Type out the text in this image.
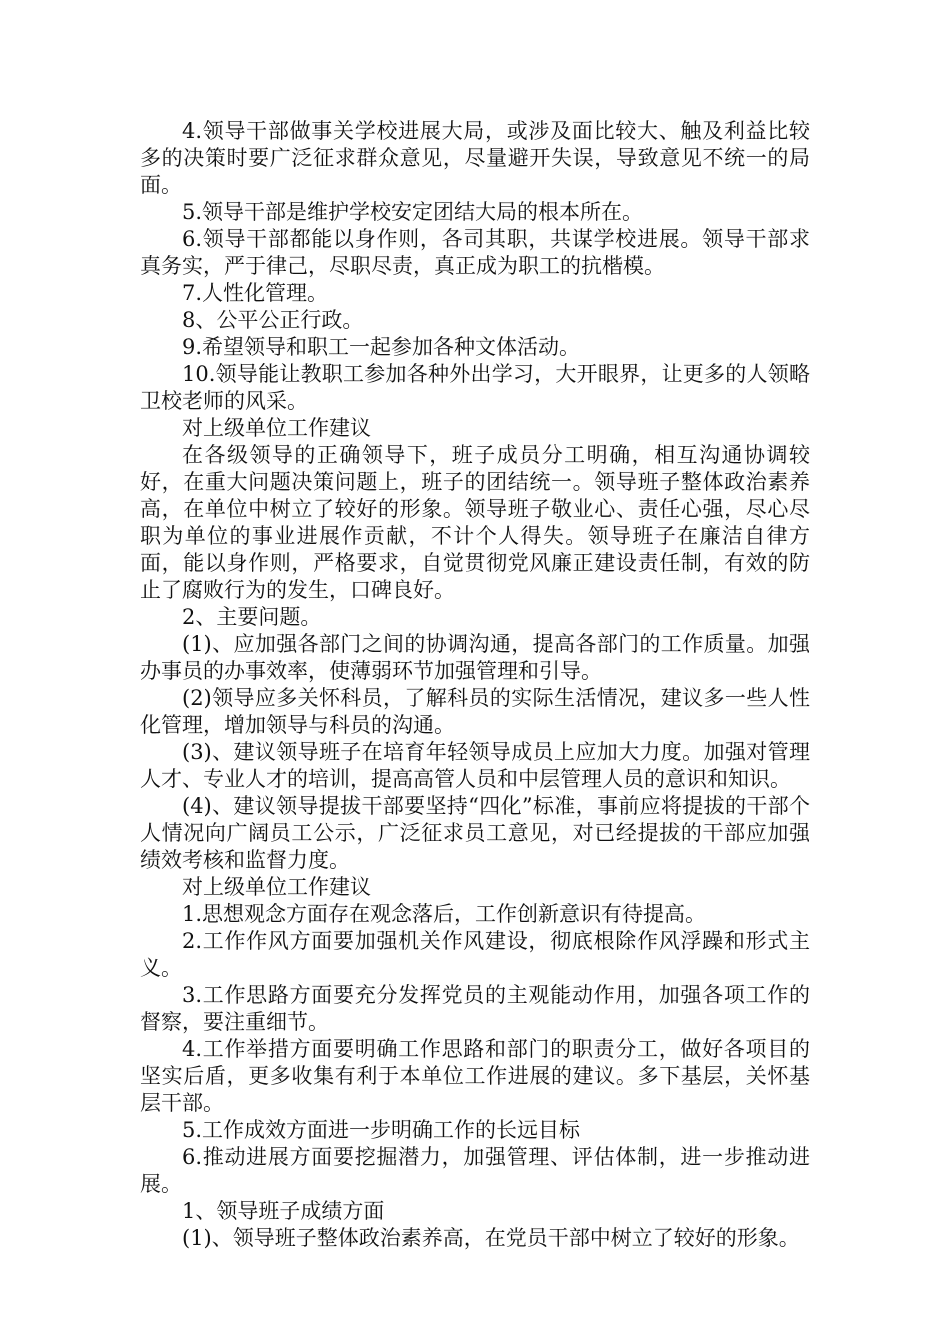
4.领导干部做事关学校进展大局，或涉及面比较大、触及利益比较多的决策时要广泛征求群众意见，尽量避开失误，导致意见不统一的局面。

5.领导干部是维护学校安定团结大局的根本所在。

6.领导干部都能以身作则，各司其职，共谋学校进展。领导干部求真务实，严于律己，尽职尽责，真正成为职工的抗楷模。

7.人性化管理。

8、公平公正行政。

9.希望领导和职工一起参加各种文体活动。

10.领导能让教职工参加各种外出学习，大开眼界，让更多的人领略卫校老师的风采。

对上级单位工作建议

在各级领导的正确领导下，班子成员分工明确，相互沟通协调较好，在重大问题决策问题上，班子的团结统一。领导班子整体政治素养高，在单位中树立了较好的形象。领导班子敬业心、责任心强，尽心尽职为单位的事业进展作贡献，不计个人得失。领导班子在廉洁自律方面，能以身作则，严格要求，自觉贯彻党风廉正建设责任制，有效的防止了腐败行为的发生，口碑良好。

2、主要问题。

(1)、应加强各部门之间的协调沟通，提高各部门的工作质量。加强办事员的办事效率，使薄弱环节加强管理和引导。

(2)领导应多关怀科员，了解科员的实际生活情况，建议多一些人性化管理，增加领导与科员的沟通。

(3)、建议领导班子在培育年轻领导成员上应加大力度。加强对管理人才、专业人才的培训，提高高管人员和中层管理人员的意识和知识。

(4)、建议领导提拔干部要坚持“四化”标准，事前应将提拔的干部个人情况向广阔员工公示，广泛征求员工意见，对已经提拔的干部应加强绩效考核和监督力度。

对上级单位工作建议

1.思想观念方面存在观念落后，工作创新意识有待提高。

2.工作作风方面要加强机关作风建设，彻底根除作风浮躁和形式主义。

3.工作思路方面要充分发挥党员的主观能动作用，加强各项工作的督察，要注重细节。

4.工作举措方面要明确工作思路和部门的职责分工，做好各项目的坚实后盾，更多收集有利于本单位工作进展的建议。多下基层，关怀基层干部。

5.工作成效方面进一步明确工作的长远目标

6.推动进展方面要挖掘潜力，加强管理、评估体制，进一步推动进展。

1、领导班子成绩方面

(1)、领导班子整体政治素养高，在党员干部中树立了较好的形象。
